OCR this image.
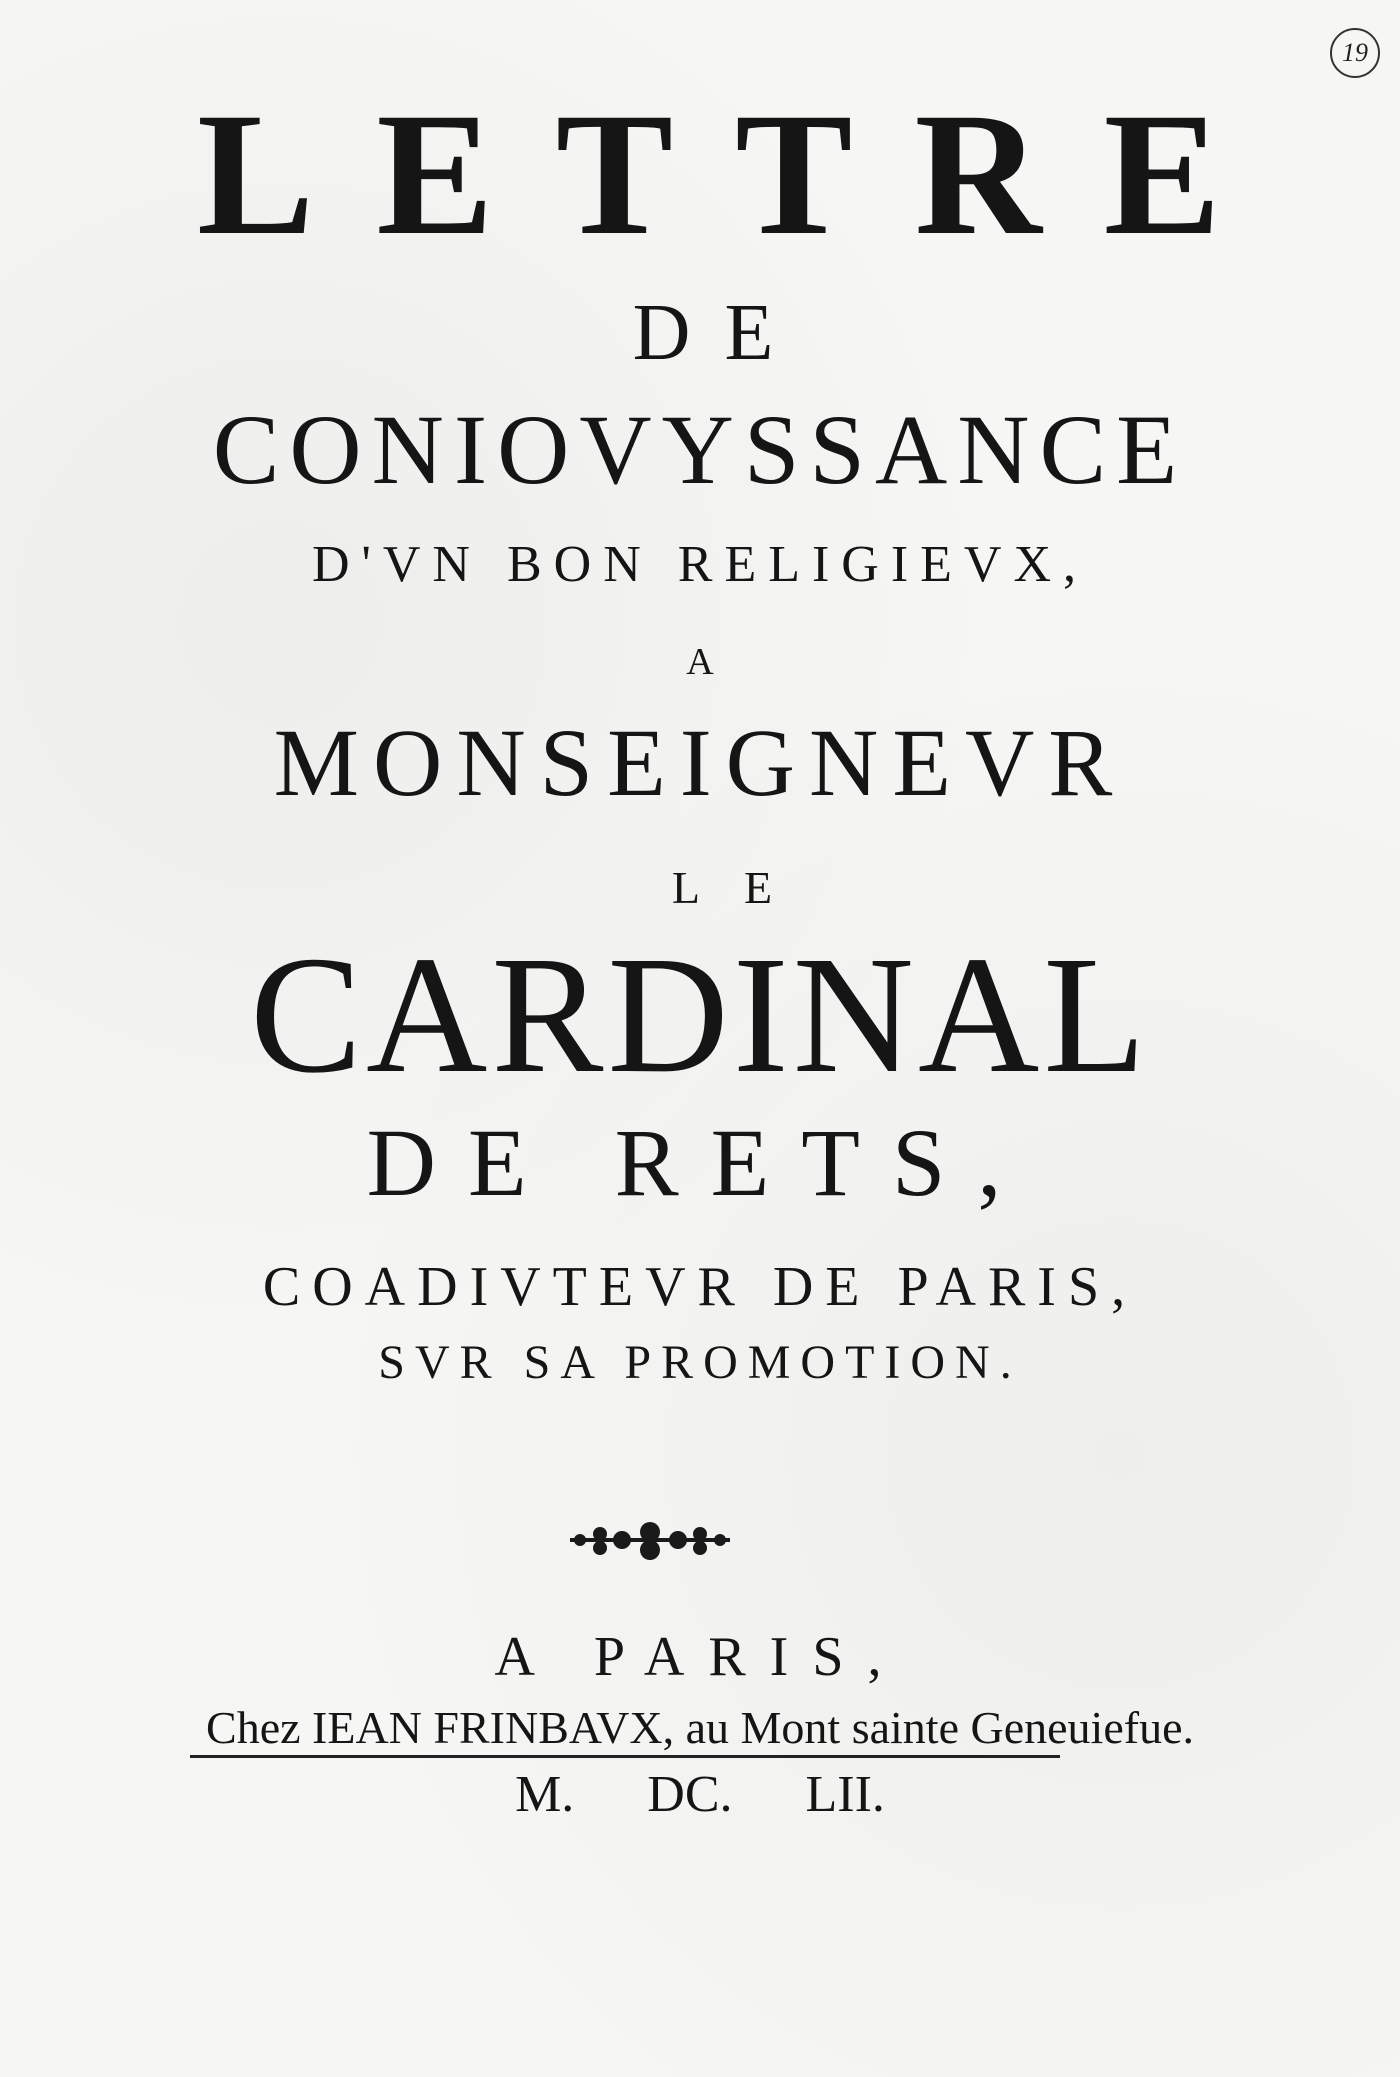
19
LETTRE
DE
CONIOVYSSANCE
D'VN BON RELIGIEVX,
A
MONSEIGNEVR
LE
CARDINAL
DE RETS,
COADIVTEVR DE PARIS,
SVR SA PROMOTION.
A PARIS,
Chez IEAN FRINBAVX, au Mont sainte Geneuiefue.
M. DC. LII.
